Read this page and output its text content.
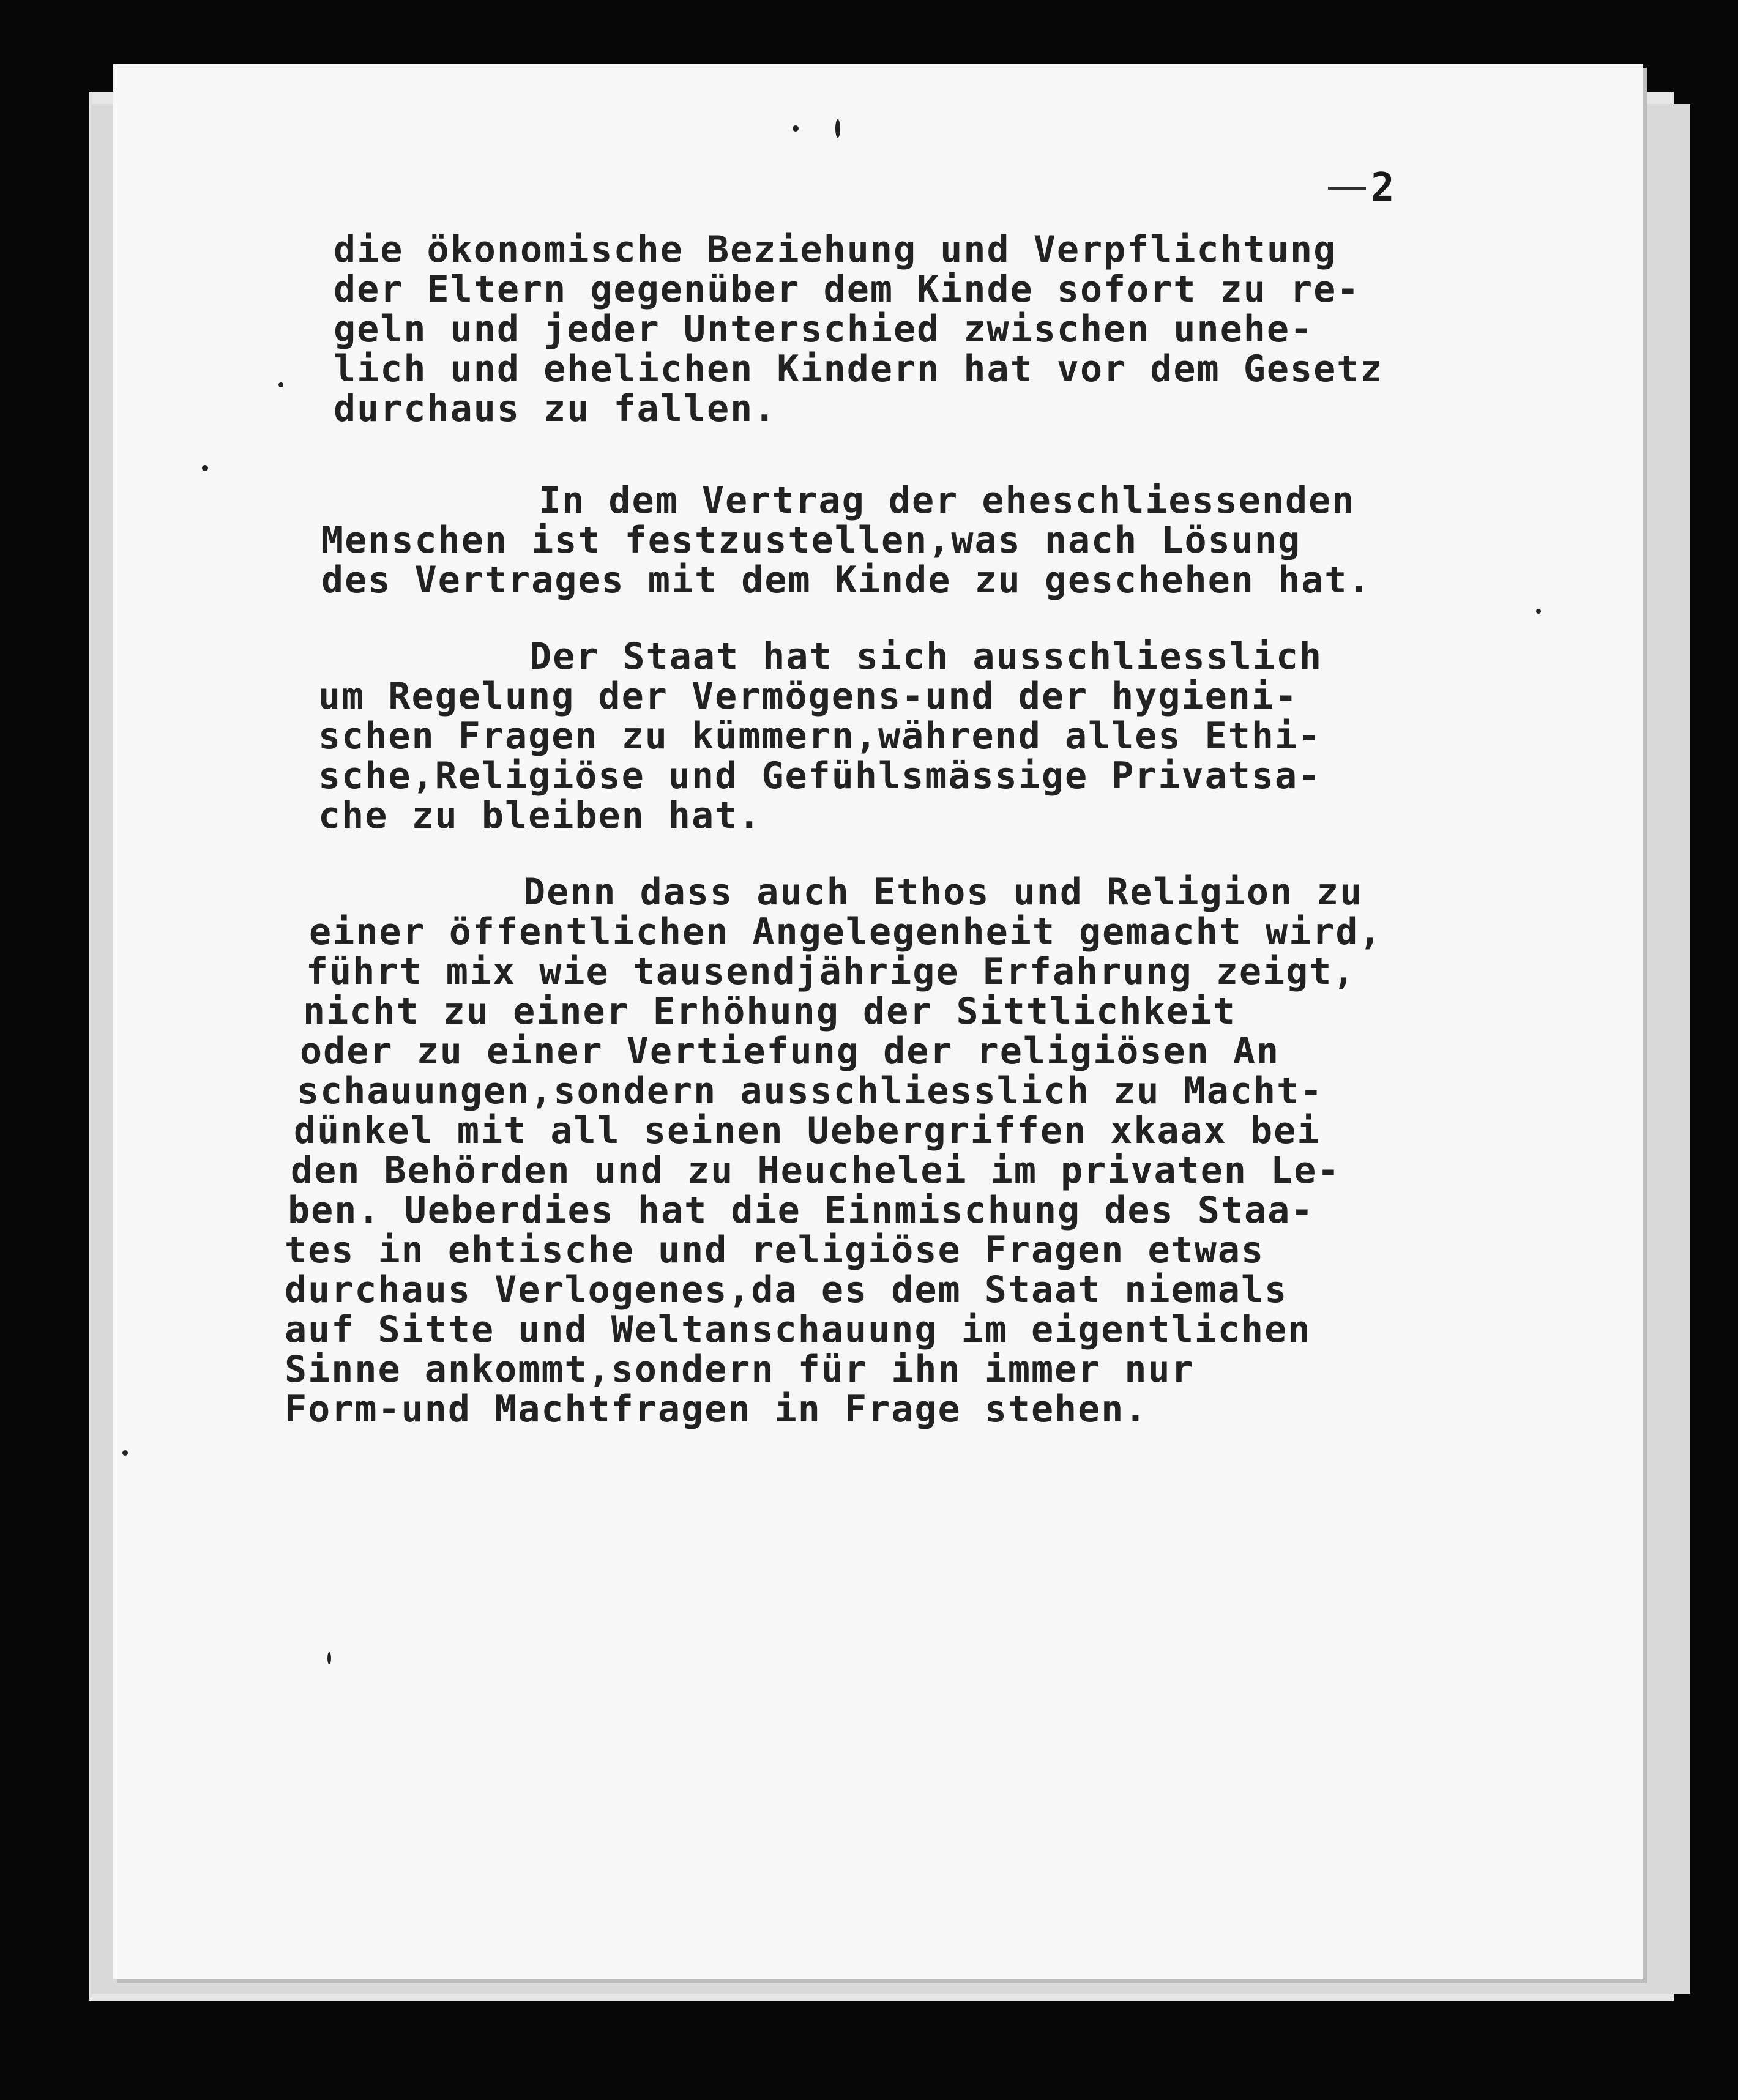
2
die ökonomische Beziehung und Verpflichtung
der Eltern gegenüber dem Kinde sofort zu re-
geln und jeder Unterschied zwischen unehe-
lich und ehelichen Kindern hat vor dem Gesetz
durchaus zu fallen.
In dem Vertrag der eheschliessenden
Menschen ist festzustellen,was nach Lösung
des Vertrages mit dem Kinde zu geschehen hat.
Der Staat hat sich ausschliesslich
um Regelung der Vermögens-und der hygieni-
schen Fragen zu kümmern,während alles Ethi-
sche,Religiöse und Gefühlsmässige Privatsa-
che zu bleiben hat.
Denn dass auch Ethos und Religion zu
einer öffentlichen Angelegenheit gemacht wird,
führt mix wie tausendjährige Erfahrung zeigt,
nicht zu einer Erhöhung der Sittlichkeit
oder zu einer Vertiefung der religiösen An
schauungen,sondern ausschliesslich zu Macht-
dünkel mit all seinen Uebergriffen xkaax bei
den Behörden und zu Heuchelei im privaten Le-
ben. Ueberdies hat die Einmischung des Staa-
tes in ehtische und religiöse Fragen etwas
durchaus Verlogenes,da es dem Staat niemals
auf Sitte und Weltanschauung im eigentlichen
Sinne ankommt,sondern für ihn immer nur
Form-und Machtfragen in Frage stehen.
